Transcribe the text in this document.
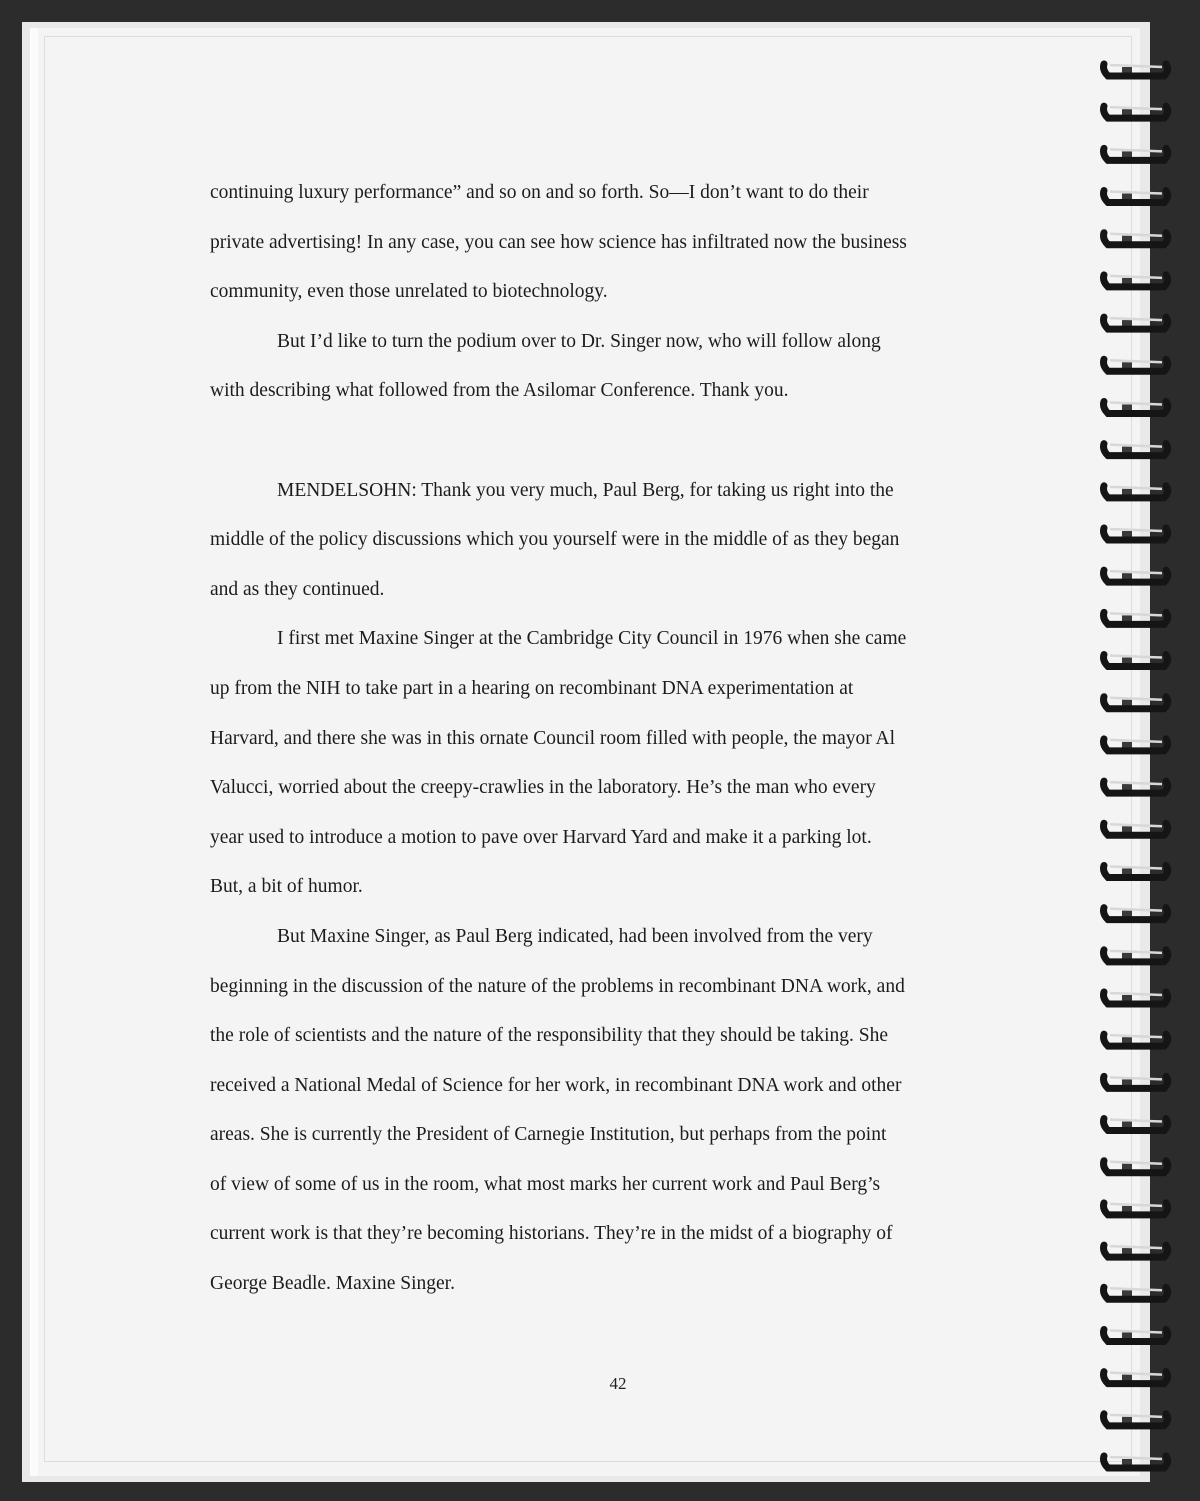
continuing luxury performance” and so on and so forth. So—I don’t want to do their
private advertising! In any case, you can see how science has infiltrated now the business
community, even those unrelated to biotechnology.

But I’d like to turn the podium over to Dr. Singer now, who will follow along
with describing what followed from the Asilomar Conference. Thank you.

MENDELSOHN: Thank you very much, Paul Berg, for taking us right into the
middle of the policy discussions which you yourself were in the middle of as they began
and as they continued.

I first met Maxine Singer at the Cambridge City Council in 1976 when she came
up from the NIH to take part in a hearing on recombinant DNA experimentation at
Harvard, and there she was in this ornate Council room filled with people, the mayor Al
Valucci, worried about the creepy-crawlies in the laboratory. He’s the man who every
year used to introduce a motion to pave over Harvard Yard and make it a parking lot.
But, a bit of humor.

But Maxine Singer, as Paul Berg indicated, had been involved from the very
beginning in the discussion of the nature of the problems in recombinant DNA work, and
the role of scientists and the nature of the responsibility that they should be taking. She
received a National Medal of Science for her work, in recombinant DNA work and other
areas. She is currently the President of Carnegie Institution, but perhaps from the point
of view of some of us in the room, what most marks her current work and Paul Berg’s
current work is that they’re becoming historians. They’re in the midst of a biography of
George Beadle. Maxine Singer.

42
